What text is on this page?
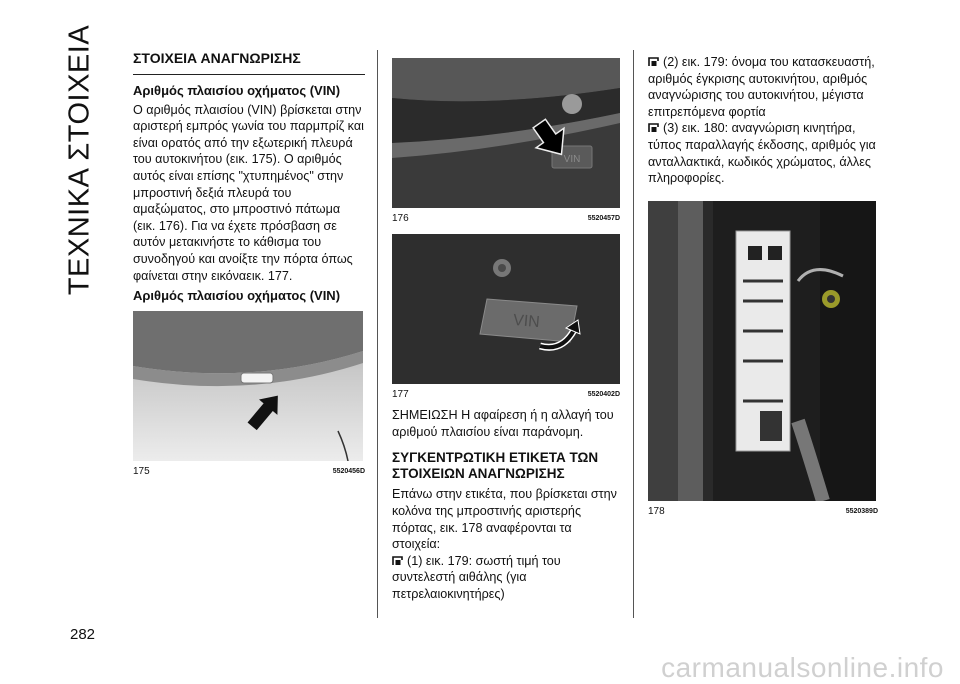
ΤΕΧΝΙΚΑ ΣΤΟΙΧΕΙΑ
282
ΣΤΟΙΧΕΙΑ ΑΝΑΓΝΩΡΙΣΗΣ
Αριθμός πλαισίου οχήματος (VIN)

Ο αριθμός πλαισίου (VIN) βρίσκεται στην αριστερή εμπρός γωνία του παρμπρίζ και είναι ορατός από την εξωτερική πλευρά του αυτοκινήτου (εικ. 175). Ο αριθμός αυτός είναι επίσης "χτυπημένος" στην μπροστινή δεξιά πλευρά του αμαξώματος, στο μπροστινό πάτωμα (εικ. 176). Για να έχετε πρόσβαση σε αυτόν μετακινήστε το κάθισμα του συνοδηγού και ανοίξτε την πόρτα όπως φαίνεται στην εικόναεικ. 177.

Αριθμός πλαισίου οχήματος (VIN)
175	5520456D
VIN
176	5520457D
VIN
177	5520402D

ΣΗΜΕΙΩΣΗ Η αφαίρεση ή η αλλαγή του αριθμού πλαισίου είναι παράνομη.

ΣΥΓΚΕΝΤΡΩΤΙΚΗ ΕΤΙΚΕΤΑ ΤΩΝ ΣΤΟΙΧΕΙΩΝ ΑΝΑΓΝΩΡΙΣΗΣ

Επάνω στην ετικέτα, που βρίσκεται στην κολόνα της μπροστινής αριστερής πόρτας, εικ. 178 αναφέρονται τα στοιχεία:

(1) εικ. 179: σωστή τιμή του συντελεστή αιθάλης (για πετρελαιοκινητήρες)

(2) εικ. 179: όνομα του κατασκευαστή, αριθμός έγκρισης αυτοκινήτου, αριθμός αναγνώρισης του αυτοκινήτου, μέγιστα επιτρεπόμενα φορτία

(3) εικ. 180: αναγνώριση κινητήρα, τύπος παραλλαγής έκδοσης, αριθμός για ανταλλακτικά, κωδικός χρώματος, άλλες πληροφορίες.

178	5520389D
carmanualsonline.info
